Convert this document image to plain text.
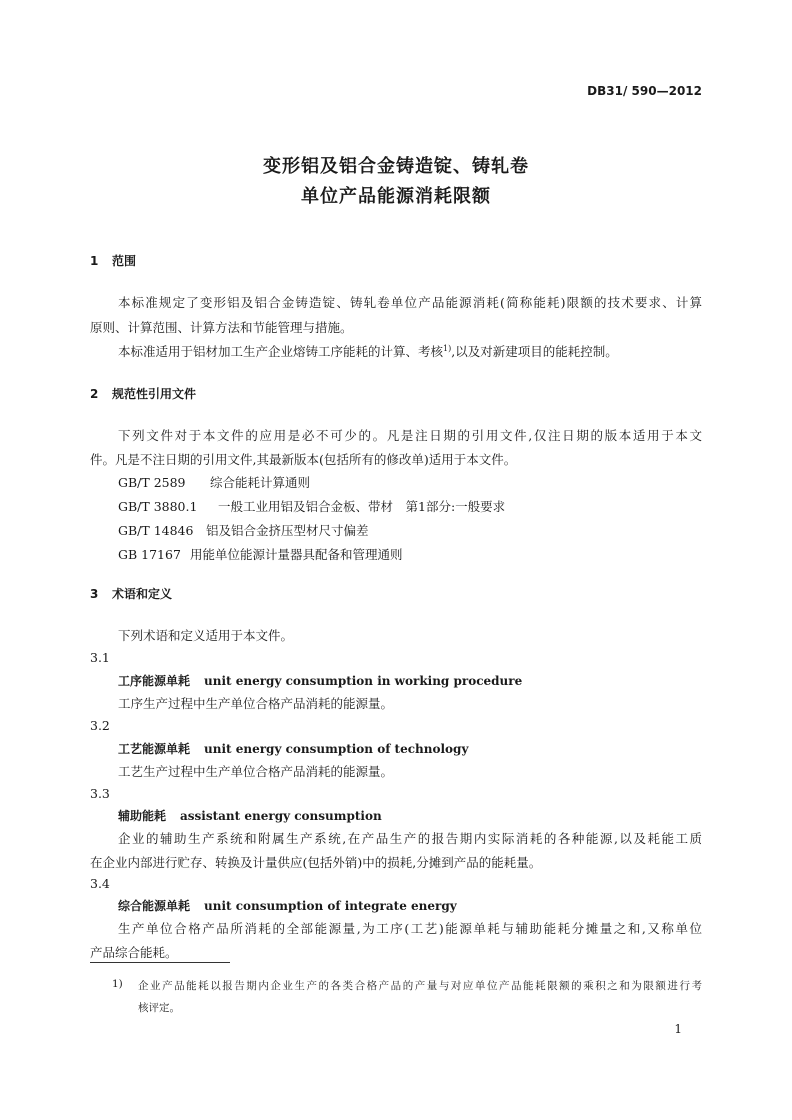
DB31/ 590—2012
变形铝及铝合金铸造锭、铸轧卷
单位产品能源消耗限额
1 范围
本标准规定了变形铝及铝合金铸造锭、铸轧卷单位产品能源消耗(简称能耗)限额的技术要求、计算
原则、计算范围、计算方法和节能管理与措施。
本标准适用于铝材加工生产企业熔铸工序能耗的计算、考核$^{1)}$,以及对新建项目的能耗控制。
2 规范性引用文件
下列文件对于本文件的应用是必不可少的。凡是注日期的引用文件,仅注日期的版本适用于本文
件。凡是不注日期的引用文件,其最新版本(包括所有的修改单)适用于本文件。
GB/T 2589 综合能耗计算通则
GB/T 3880.1 一般工业用铝及铝合金板、带材　第1部分:一般要求
GB/T 14846 铝及铝合金挤压型材尺寸偏差
GB 17167 用能单位能源计量器具配备和管理通则
3 术语和定义
下列术语和定义适用于本文件。
3.1
工序能源单耗 unit energy consumption in working procedure
工序生产过程中生产单位合格产品消耗的能源量。
3.2
工艺能源单耗 unit energy consumption of technology
工艺生产过程中生产单位合格产品消耗的能源量。
3.3
辅助能耗 assistant energy consumption
企业的辅助生产系统和附属生产系统,在产品生产的报告期内实际消耗的各种能源,以及耗能工质
在企业内部进行贮存、转换及计量供应(包括外销)中的损耗,分摊到产品的能耗量。
3.4
综合能源单耗 unit consumption of integrate energy
生产单位合格产品所消耗的全部能源量,为工序(工艺)能源单耗与辅助能耗分摊量之和,又称单位
产品综合能耗。
1) 企业产品能耗以报告期内企业生产的各类合格产品的产量与对应单位产品能耗限额的乘积之和为限额进行考
核评定。
1
